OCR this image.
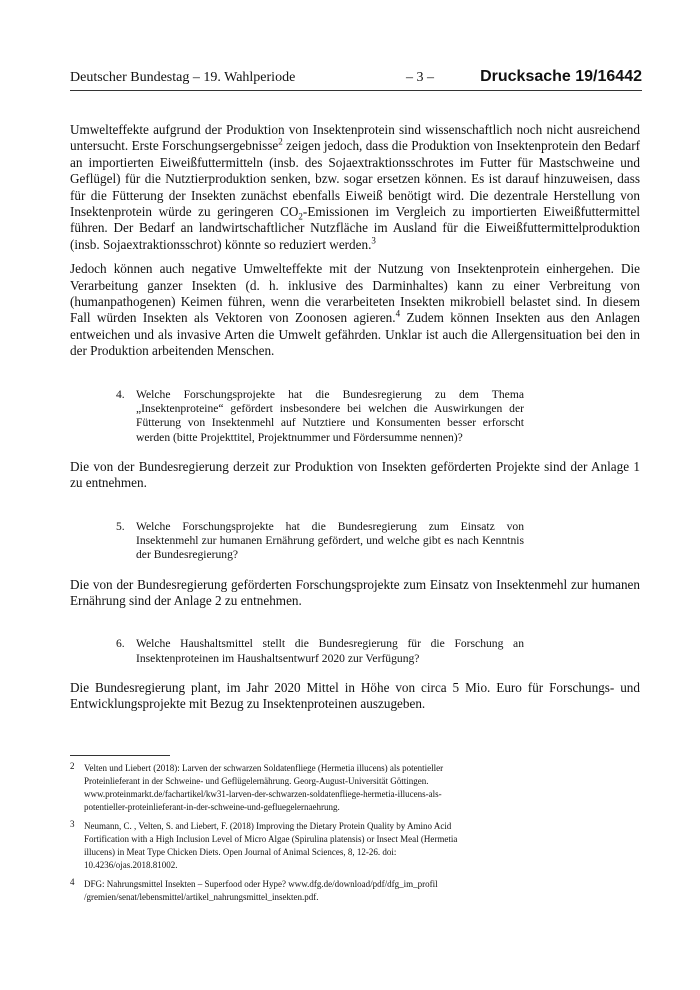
Deutscher Bundestag – 19. Wahlperiode	– 3 –	Drucksache 19/16442

Umwelteffekte aufgrund der Produktion von Insektenprotein sind wissenschaftlich noch nicht ausreichend untersucht. Erste Forschungsergebnisse$^2$ zeigen jedoch, dass die Produktion von Insektenprotein den Bedarf an importierten Eiweißfuttermitteln (insb. des Sojaextraktionsschrotes im Futter für Mastschweine und Geflügel) für die Nutztierproduktion senken, bzw. sogar ersetzen können. Es ist darauf hinzuweisen, dass für die Fütterung der Insekten zunächst ebenfalls Eiweiß benötigt wird. Die dezentrale Herstellung von Insektenprotein würde zu geringeren $CO_2$-Emissionen im Vergleich zu importierten Eiweißfuttermittel führen. Der Bedarf an landwirtschaftlicher Nutzfläche im Ausland für die Eiweißfuttermittelproduktion (insb. Sojaextraktionsschrot) könnte so reduziert werden.$^3$

Jedoch können auch negative Umwelteffekte mit der Nutzung von Insektenprotein einhergehen. Die Verarbeitung ganzer Insekten (d. h. inklusive des Darminhaltes) kann zu einer Verbreitung von (humanpathogenen) Keimen führen, wenn die verarbeiteten Insekten mikrobiell belastet sind. In diesem Fall würden Insekten als Vektoren von Zoonosen agieren.$^4$ Zudem können Insekten aus den Anlagen entweichen und als invasive Arten die Umwelt gefährden. Unklar ist auch die Allergensituation bei den in der Produktion arbeitenden Menschen.

4. Welche Forschungsprojekte hat die Bundesregierung zu dem Thema „Insektenproteine“ gefördert insbesondere bei welchen die Auswirkungen der Fütterung von Insektenmehl auf Nutztiere und Konsumenten besser erforscht werden (bitte Projekttitel, Projektnummer und Fördersumme nennen)?

Die von der Bundesregierung derzeit zur Produktion von Insekten geförderten Projekte sind der Anlage 1 zu entnehmen.

5. Welche Forschungsprojekte hat die Bundesregierung zum Einsatz von Insektenmehl zur humanen Ernährung gefördert, und welche gibt es nach Kenntnis der Bundesregierung?

Die von der Bundesregierung geförderten Forschungsprojekte zum Einsatz von Insektenmehl zur humanen Ernährung sind der Anlage 2 zu entnehmen.

6. Welche Haushaltsmittel stellt die Bundesregierung für die Forschung an Insektenproteinen im Haushaltsentwurf 2020 zur Verfügung?

Die Bundesregierung plant, im Jahr 2020 Mittel in Höhe von circa 5 Mio. Euro für Forschungs- und Entwicklungsprojekte mit Bezug zu Insektenproteinen auszugeben.

2 Velten und Liebert (2018): Larven der schwarzen Soldatenfliege (Hermetia illucens) als potentieller Proteinlieferant in der Schweine- und Geflügelernährung. Georg-August-Universität Göttingen. www.proteinmarkt.de/fachartikel/kw31-larven-der-schwarzen-soldatenfliege-hermetia-illucens-als-potentieller-proteinlieferant-in-der-schweine-und-gefluegelernaehrung.
3 Neumann, C. , Velten, S. and Liebert, F. (2018) Improving the Dietary Protein Quality by Amino Acid Fortification with a High Inclusion Level of Micro Algae (Spirulina platensis) or Insect Meal (Hermetia illucens) in Meat Type Chicken Diets. Open Journal of Animal Sciences, 8, 12-26. doi: 10.4236/ojas.2018.81002.
4 DFG: Nahrungsmittel Insekten – Superfood oder Hype? www.dfg.de/download/pdf/dfg_im_profil /gremien/senat/lebensmittel/artikel_nahrungsmittel_insekten.pdf.
